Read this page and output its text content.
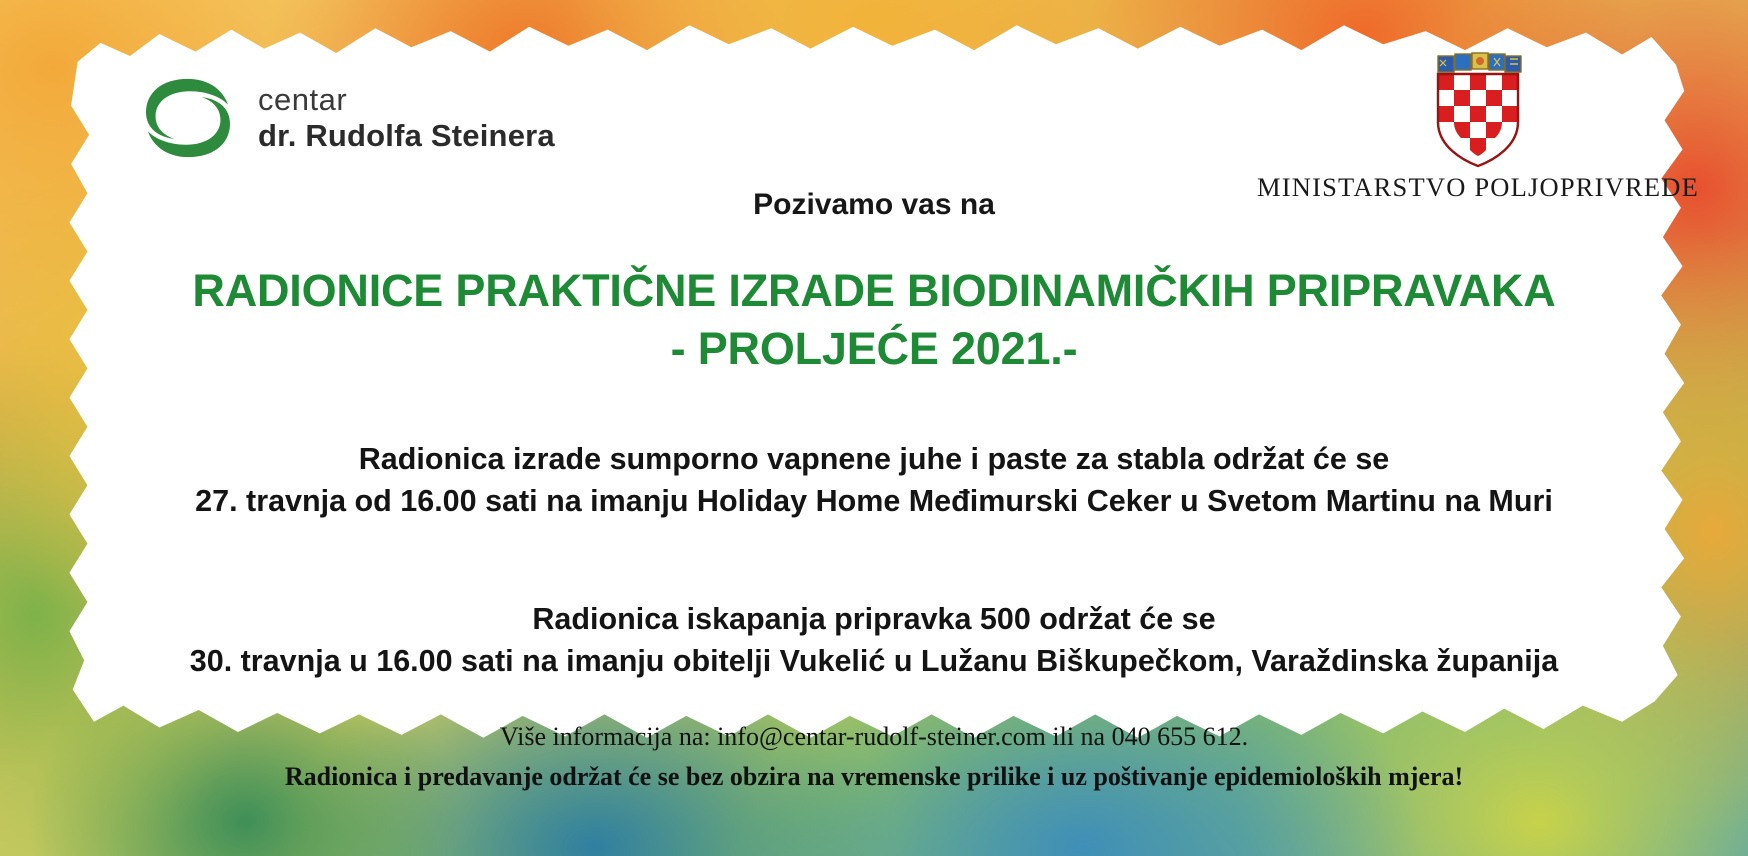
centar
dr. Rudolfa Steinera
MINISTARSTVO POLJOPRIVREDE
Pozivamo vas na
RADIONICE PRAKTIČNE IZRADE BIODINAMIČKIH PRIPRAVAKA
- PROLJEĆE 2021.-
Radionica izrade sumporno vapnene juhe i paste za stabla održat će se
27. travnja od 16.00 sati na imanju Holiday Home Međimurski Ceker u Svetom Martinu na Muri
Radionica iskapanja pripravka 500 održat će se
30. travnja u 16.00 sati na imanju obitelji Vukelić u Lužanu Biškupečkom, Varaždinska županija
Više informacija na: info@centar-rudolf-steiner.com ili na 040 655 612.
Radionica i predavanje održat će se bez obzira na vremenske prilike i uz poštivanje epidemioloških mjera!
